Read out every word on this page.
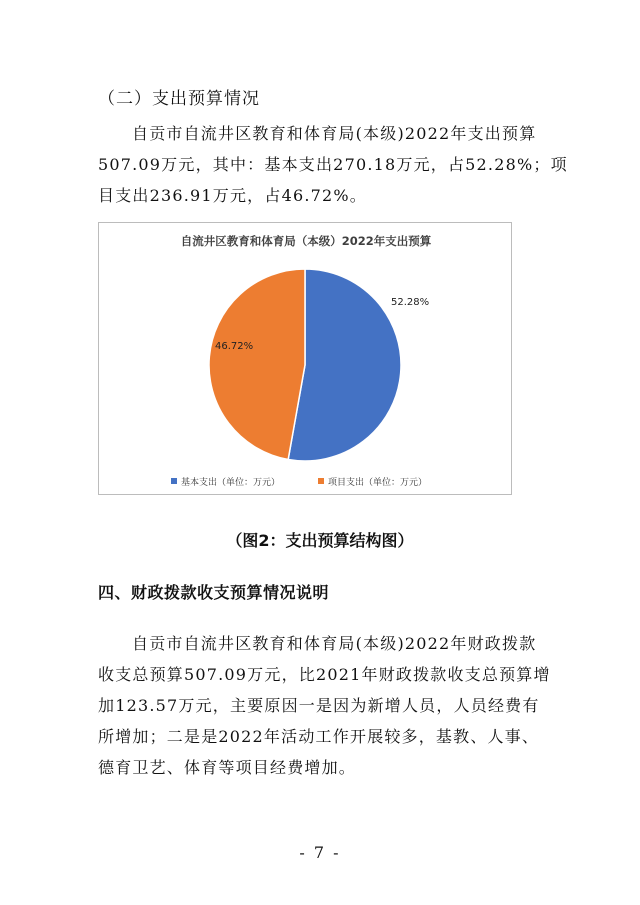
（二）支出预算情况
自贡市自流井区教育和体育局(本级)2022年支出预算
507.09万元，其中：基本支出270.18万元，占52.28%；项
目支出236.91万元，占46.72%。
自流井区教育和体育局（本级）2022年支出预算
52.28%
46.72%
基本支出（单位：万元）	项目支出（单位：万元）
（图2：支出预算结构图）
四、财政拨款收支预算情况说明
自贡市自流井区教育和体育局(本级)2022年财政拨款
收支总预算507.09万元，比2021年财政拨款收支总预算增
加123.57万元，主要原因一是因为新增人员，人员经费有
所增加；二是是2022年活动工作开展较多，基教、人事、
德育卫艺、体育等项目经费增加。
- 7 -
